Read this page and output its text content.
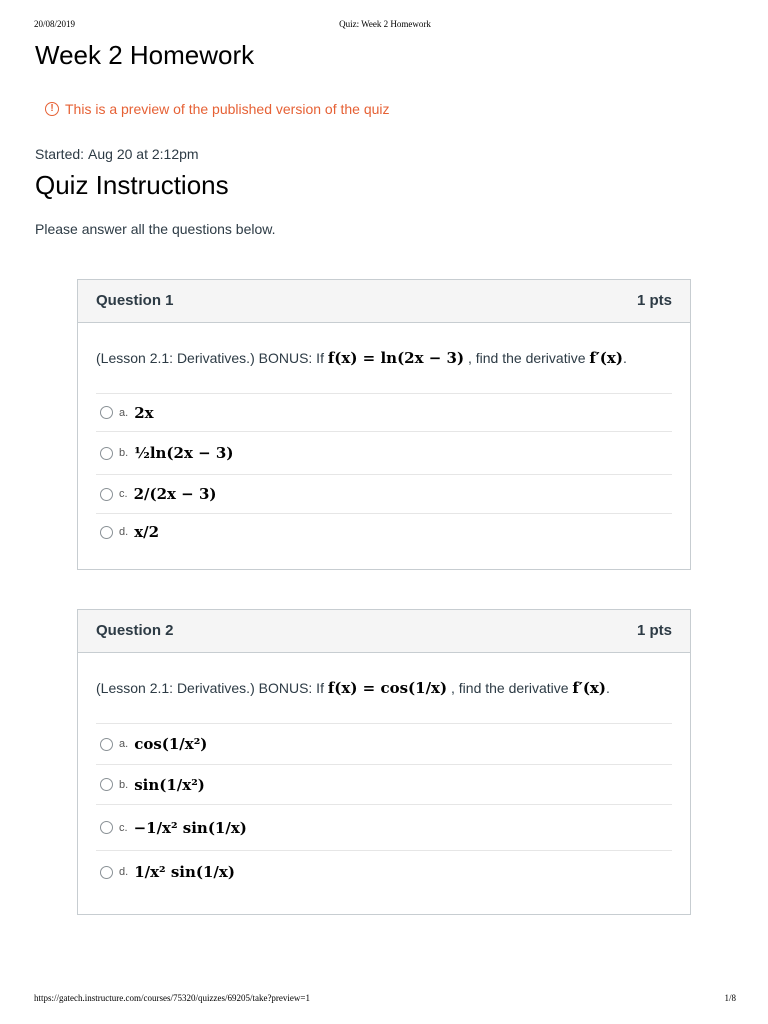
20/08/2019	Quiz: Week 2 Homework
Week 2 Homework
! This is a preview of the published version of the quiz
Started: Aug 20 at 2:12pm
Quiz Instructions
Please answer all the questions below.
Question 1	1 pts
(Lesson 2.1: Derivatives.) BONUS: If f(x) = ln(2x − 3) , find the derivative f′(x).
a. 2x
b. ½ln(2x − 3)
c. 2/(2x − 3)
d. x/2
Question 2	1 pts
(Lesson 2.1: Derivatives.) BONUS: If f(x) = cos(1/x) , find the derivative f′(x).
a. cos(1/x²)
b. sin(1/x²)
c. −1/x² sin(1/x)
d. 1/x² sin(1/x)
https://gatech.instructure.com/courses/75320/quizzes/69205/take?preview=1	1/8
